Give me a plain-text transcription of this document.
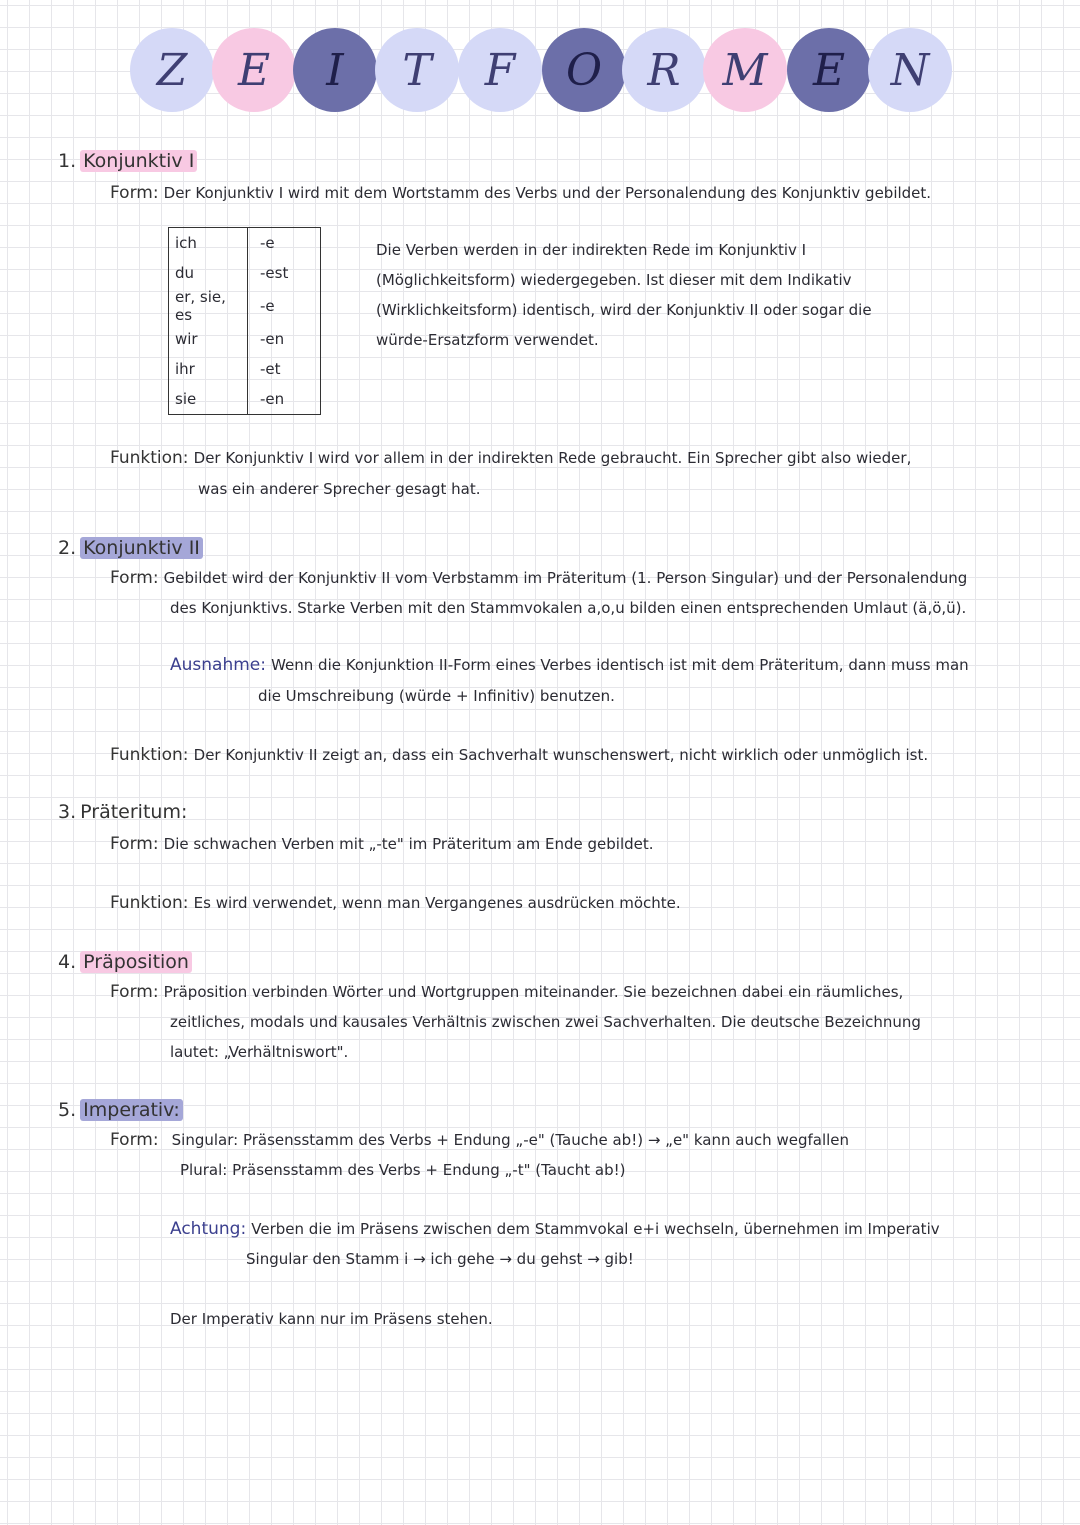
Z E I T F O R M E N
1. Konjunktiv I
Form: Der Konjunktiv I wird mit dem Wortstamm des Verbs und der Personalendung des Konjunktiv gebildet.
ich	-e
du	-est
er, sie, es	-e
wir	-en
ihr	-et
sie	-en
Die Verben werden in der indirekten Rede im Konjunktiv I
(Möglichkeitsform) wiedergegeben. Ist dieser mit dem Indikativ
(Wirklichkeitsform) identisch, wird der Konjunktiv II oder sogar die
würde-Ersatzform verwendet.
Funktion: Der Konjunktiv I wird vor allem in der indirekten Rede gebraucht. Ein Sprecher gibt also wieder,
was ein anderer Sprecher gesagt hat.
2. Konjunktiv II
Form: Gebildet wird der Konjunktiv II vom Verbstamm im Präteritum (1. Person Singular) und der Personalendung
des Konjunktivs. Starke Verben mit den Stammvokalen a,o,u bilden einen entsprechenden Umlaut (ä,ö,ü).
Ausnahme: Wenn die Konjunktion II-Form eines Verbes identisch ist mit dem Präteritum, dann muss man
die Umschreibung (würde + Infinitiv) benutzen.
Funktion: Der Konjunktiv II zeigt an, dass ein Sachverhalt wunschenswert, nicht wirklich oder unmöglich ist.
3. Präteritum:
Form: Die schwachen Verben mit „-te" im Präteritum am Ende gebildet.
Funktion: Es wird verwendet, wenn man Vergangenes ausdrücken möchte.
4. Präposition
Form: Präposition verbinden Wörter und Wortgruppen miteinander. Sie bezeichnen dabei ein räumliches,
zeitliches, modals und kausales Verhältnis zwischen zwei Sachverhalten. Die deutsche Bezeichnung
lautet: „Verhältniswort".
5. Imperativ:
Form: Singular: Präsensstamm des Verbs + Endung „-e" (Tauche ab!) → „e" kann auch wegfallen
Plural: Präsensstamm des Verbs + Endung „-t" (Taucht ab!)
Achtung: Verben die im Präsens zwischen dem Stammvokal e+i wechseln, übernehmen im Imperativ
Singular den Stamm i → ich gehe → du gehst → gib!
Der Imperativ kann nur im Präsens stehen.
